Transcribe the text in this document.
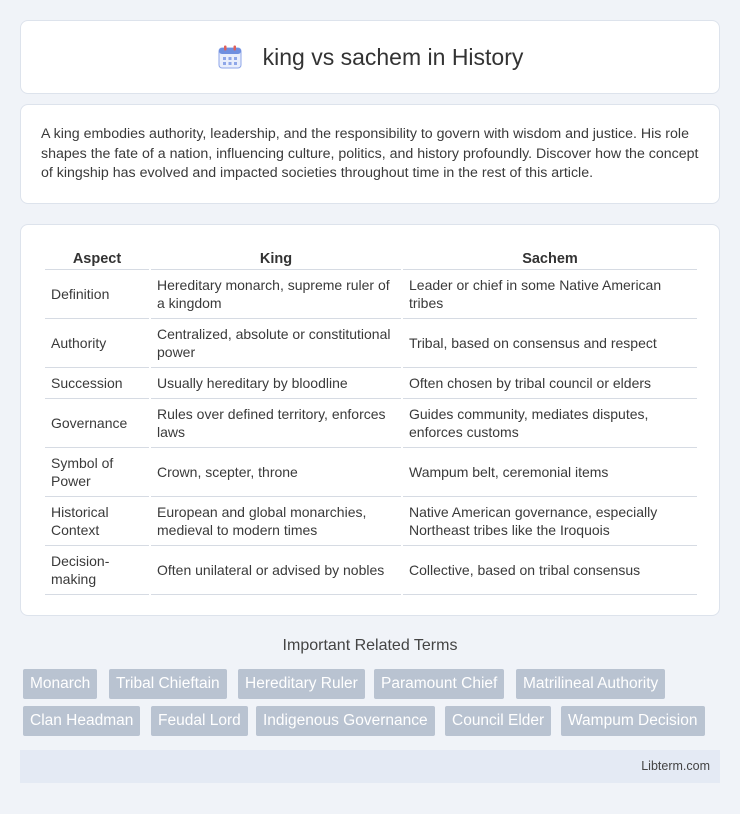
king vs sachem in History

A king embodies authority, leadership, and the responsibility to govern with wisdom and justice. His role shapes the fate of a nation, influencing culture, politics, and history profoundly. Discover how the concept of kingship has evolved and impacted societies throughout time in the rest of this article.

Aspect	King	Sachem
Definition	Hereditary monarch, supreme ruler of a kingdom	Leader or chief in some Native American tribes
Authority	Centralized, absolute or constitutional power	Tribal, based on consensus and respect
Succession	Usually hereditary by bloodline	Often chosen by tribal council or elders
Governance	Rules over defined territory, enforces laws	Guides community, mediates disputes, enforces customs
Symbol of Power	Crown, scepter, throne	Wampum belt, ceremonial items
Historical Context	European and global monarchies, medieval to modern times	Native American governance, especially Northeast tribes like the Iroquois
Decision-making	Often unilateral or advised by nobles	Collective, based on tribal consensus
Important Related Terms
Monarch	Tribal Chieftain	Hereditary Ruler	Paramount Chief	Matrilineal Authority
Clan Headman	Feudal Lord	Indigenous Governance	Council Elder	Wampum Decision
Libterm.com
